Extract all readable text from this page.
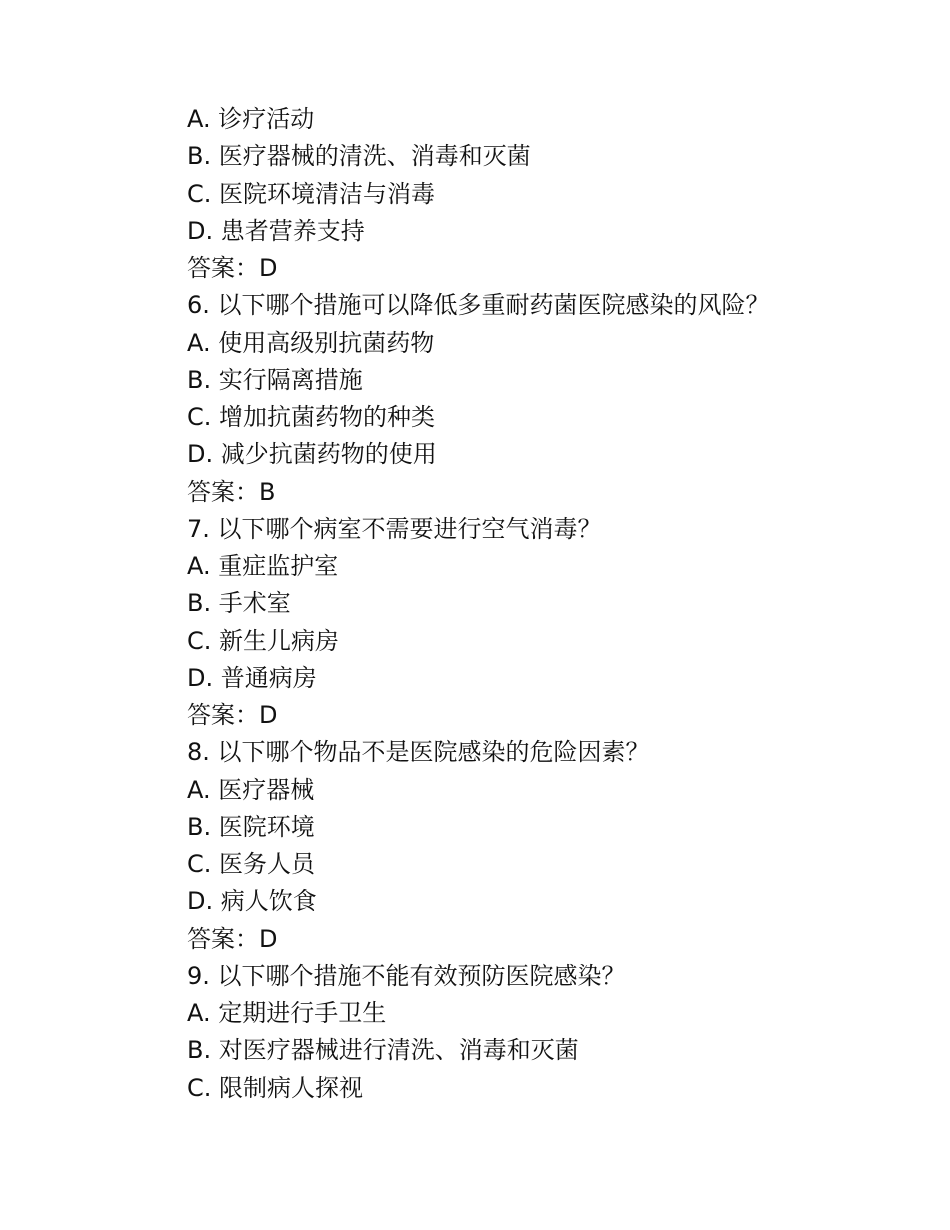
A. 诊疗活动
B. 医疗器械的清洗、消毒和灭菌
C. 医院环境清洁与消毒
D. 患者营养支持
答案：D
6. 以下哪个措施可以降低多重耐药菌医院感染的风险？
A. 使用高级别抗菌药物
B. 实行隔离措施
C. 增加抗菌药物的种类
D. 减少抗菌药物的使用
答案：B
7. 以下哪个病室不需要进行空气消毒？
A. 重症监护室
B. 手术室
C. 新生儿病房
D. 普通病房
答案：D
8. 以下哪个物品不是医院感染的危险因素？
A. 医疗器械
B. 医院环境
C. 医务人员
D. 病人饮食
答案：D
9. 以下哪个措施不能有效预防医院感染？
A. 定期进行手卫生
B. 对医疗器械进行清洗、消毒和灭菌
C. 限制病人探视
